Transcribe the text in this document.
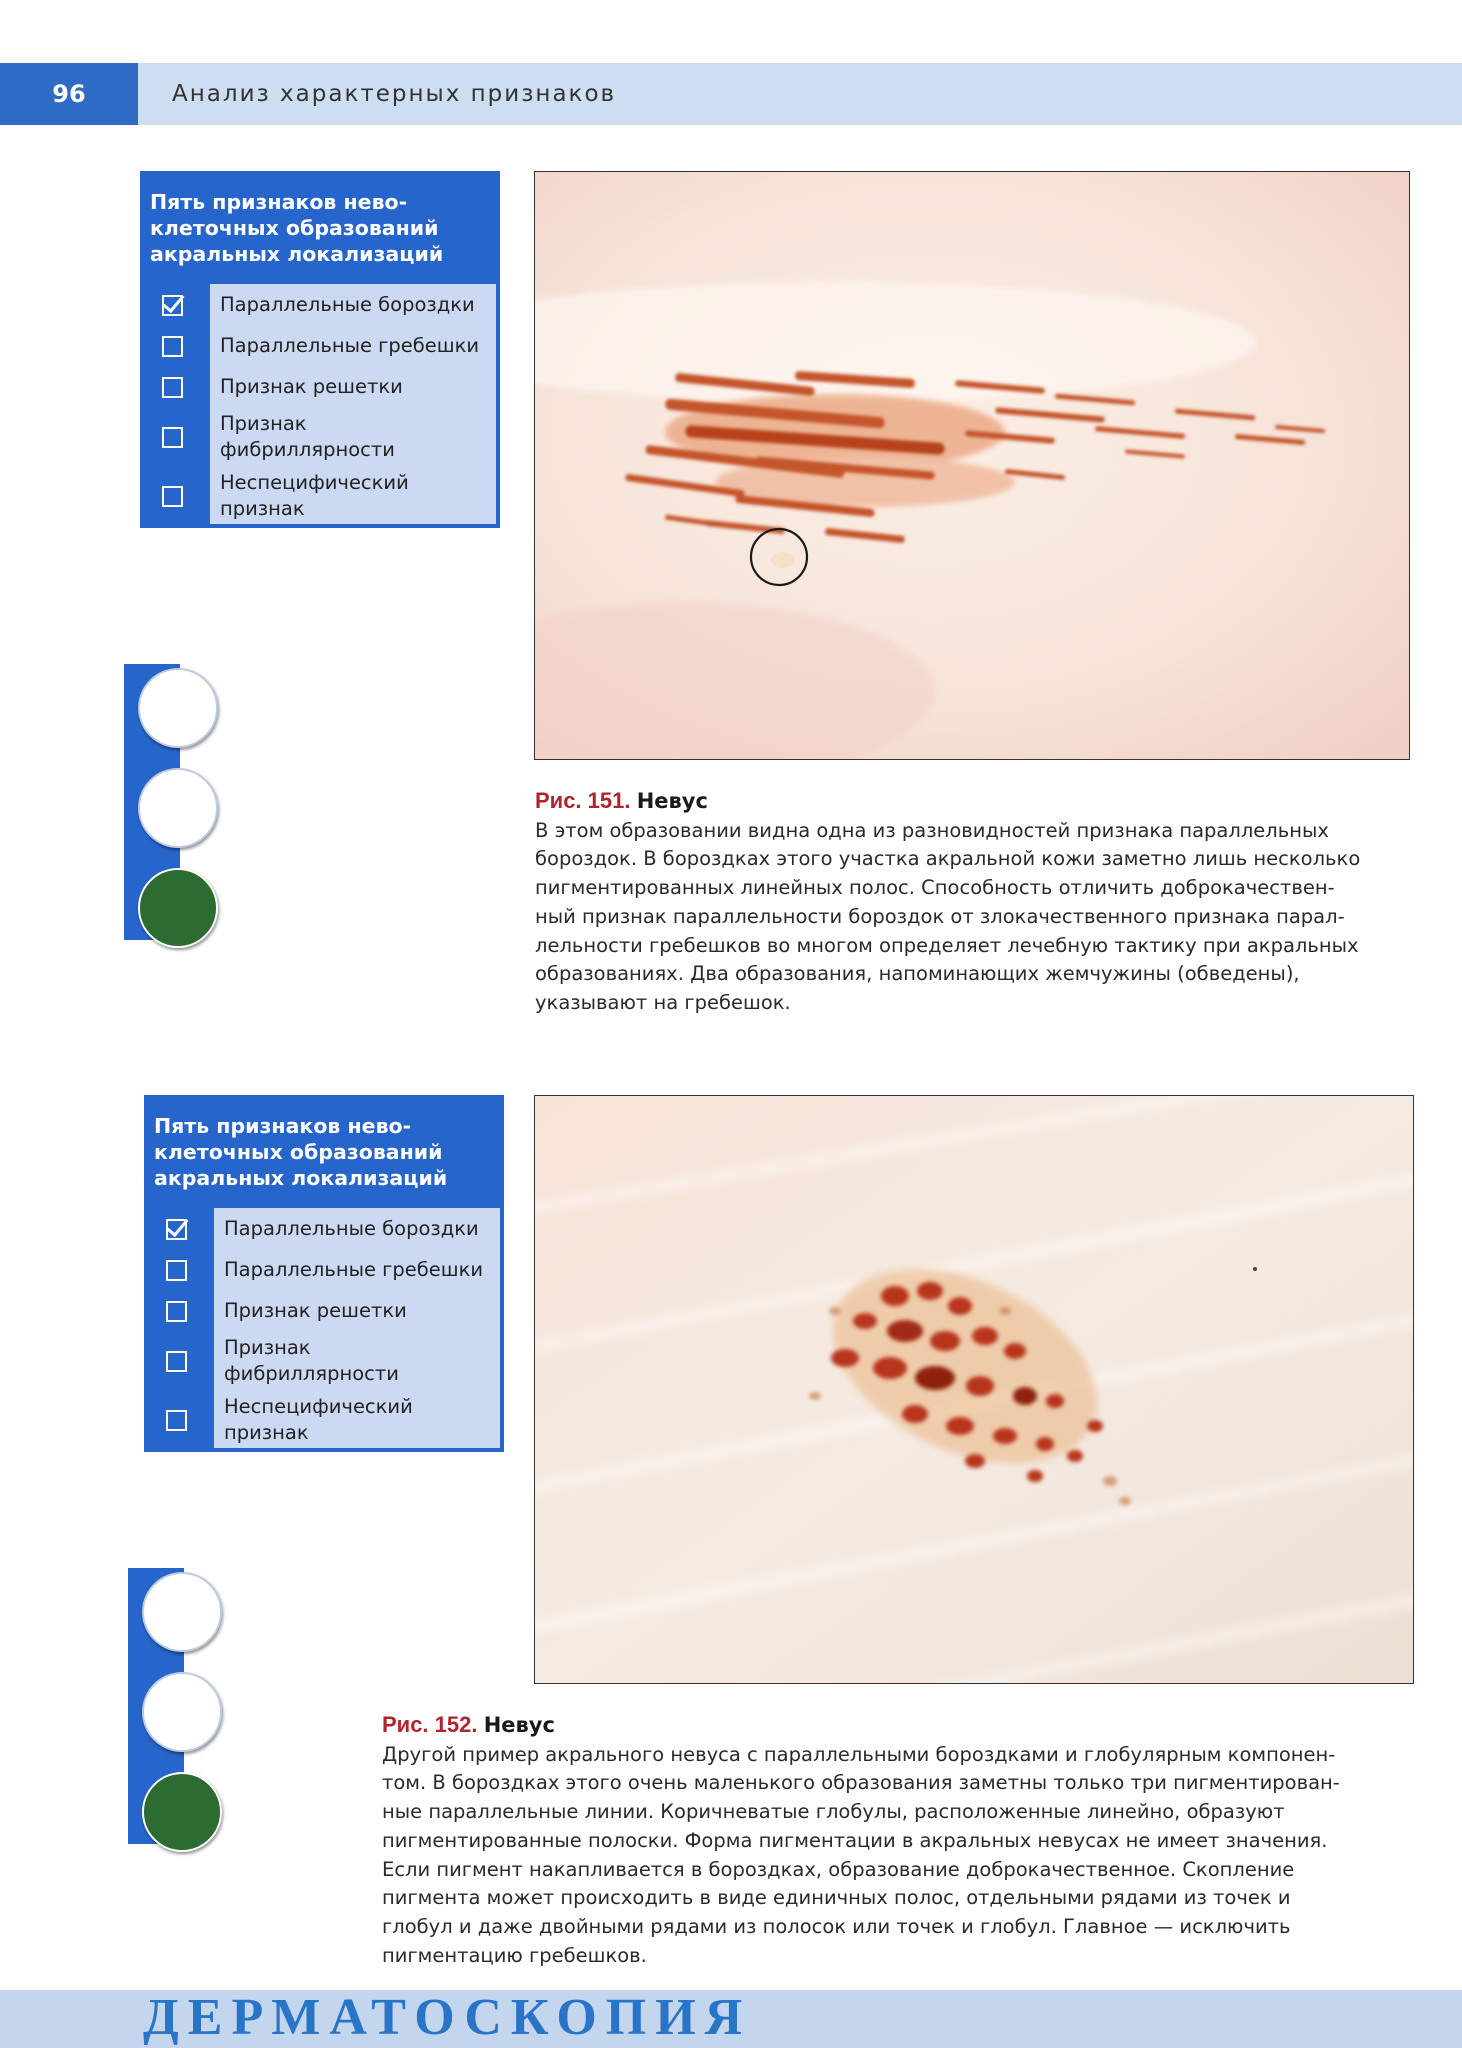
96	Анализ характерных признаков
Пять признаков нево-
клеточных образований
акральных локализаций
Параллельные бороздки
Параллельные гребешки
Признак решетки
Признак
фибриллярности
Неспецифический
признак
Рис. 151. Невус
В этом образовании видна одна из разновидностей признака параллельных
бороздок. В бороздках этого участка акральной кожи заметно лишь несколько
пигментированных линейных полос. Способность отличить доброкачествен-
ный признак параллельности бороздок от злокачественного признака парал-
лельности гребешков во многом определяет лечебную тактику при акральных
образованиях. Два образования, напоминающих жемчужины (обведены),
указывают на гребешок.
Пять признаков нево-
клеточных образований
акральных локализаций
Параллельные бороздки
Параллельные гребешки
Признак решетки
Признак
фибриллярности
Неспецифический
признак
Рис. 152. Невус
Другой пример акрального невуса с параллельными бороздками и глобулярным компонен-
том. В бороздках этого очень маленького образования заметны только три пигментирован-
ные параллельные линии. Коричневатые глобулы, расположенные линейно, образуют
пигментированные полоски. Форма пигментации в акральных невусах не имеет значения.
Если пигмент накапливается в бороздках, образование доброкачественное. Скопление
пигмента может происходить в виде единичных полос, отдельными рядами из точек и
глобул и даже двойными рядами из полосок или точек и глобул. Главное — исключить
пигментацию гребешков.
ДЕРМАТОСКОПИЯ
